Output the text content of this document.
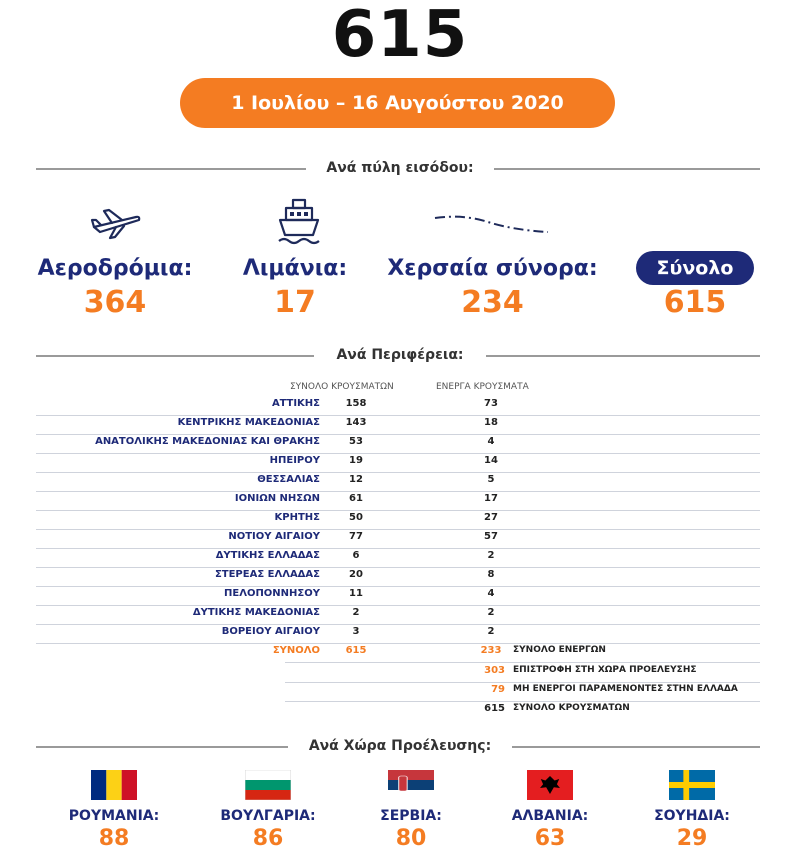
615
1 Ιουλίου – 16 Αυγούστου 2020
Ανά πύλη εισόδου:
Αεροδρόμια:
364
Λιμάνια:
17
Χερσαία σύνορα:
234
Σύνολο
615
Ανά Περιφέρεια:
ΣΥΝΟΛΟ ΚΡΟΥΣΜΑΤΩΝ	ΕΝΕΡΓΑ ΚΡΟΥΣΜΑΤΑ
ΑΤΤΙΚΗΣ	158	73
ΚΕΝΤΡΙΚΗΣ ΜΑΚΕΔΟΝΙΑΣ	143	18
ΑΝΑΤΟΛΙΚΗΣ ΜΑΚΕΔΟΝΙΑΣ ΚΑΙ ΘΡΑΚΗΣ	53	4
ΗΠΕΙΡΟΥ	19	14
ΘΕΣΣΑΛΙΑΣ	12	5
ΙΟΝΙΩΝ ΝΗΣΩΝ	61	17
ΚΡΗΤΗΣ	50	27
ΝΟΤΙΟΥ ΑΙΓΑΙΟΥ	77	57
ΔΥΤΙΚΗΣ ΕΛΛΑΔΑΣ	6	2
ΣΤΕΡΕΑΣ ΕΛΛΑΔΑΣ	20	8
ΠΕΛΟΠΟΝΝΗΣΟΥ	11	4
ΔΥΤΙΚΗΣ ΜΑΚΕΔΟΝΙΑΣ	2	2
ΒΟΡΕΙΟΥ ΑΙΓΑΙΟΥ	3	2
ΣΥΝΟΛΟ	615	233	ΣΥΝΟΛΟ ΕΝΕΡΓΩΝ
303 ΕΠΙΣΤΡΟΦΗ ΣΤΗ ΧΩΡΑ ΠΡΟΕΛΕΥΣΗΣ
79 ΜΗ ΕΝΕΡΓΟΙ ΠΑΡΑΜΕΝΟΝΤΕΣ ΣΤΗΝ ΕΛΛΑΔΑ
615 ΣΥΝΟΛΟ ΚΡΟΥΣΜΑΤΩΝ
Ανά Χώρα Προέλευσης:
ΡΟΥΜΑΝΙΑ:
88
ΒΟΥΛΓΑΡΙΑ:
86
ΣΕΡΒΙΑ:
80
ΑΛΒΑΝΙΑ:
63
ΣΟΥΗΔΙΑ:
29
